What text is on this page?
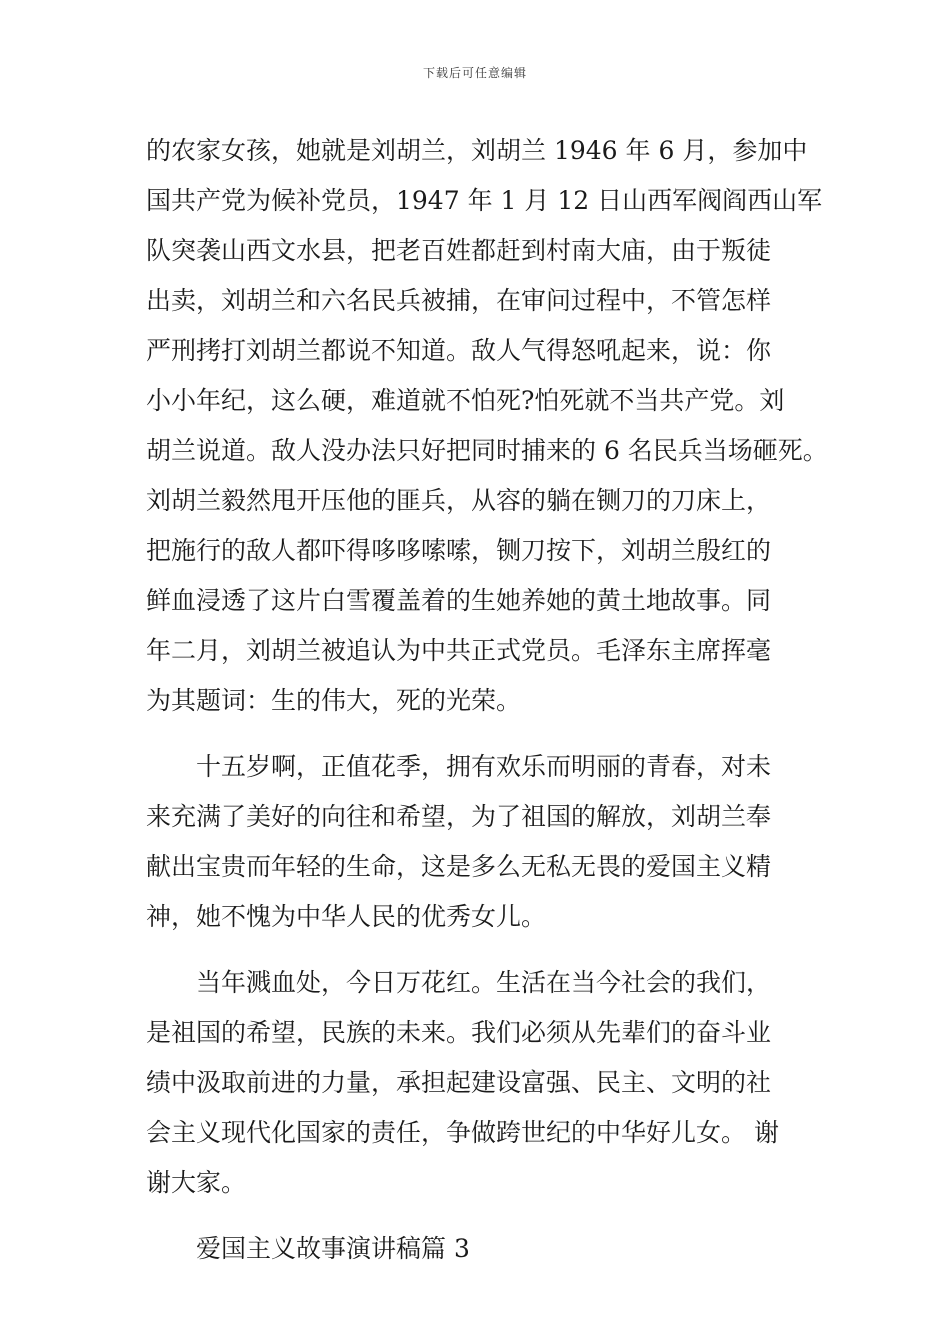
下载后可任意编辑
的农家女孩，她就是刘胡兰，刘胡兰 1946 年 6 月，参加中
国共产党为候补党员，1947 年 1 月 12 日山西军阀阎西山军
队突袭山西文水县，把老百姓都赶到村南大庙，由于叛徒
出卖，刘胡兰和六名民兵被捕，在审问过程中，不管怎样
严刑拷打刘胡兰都说不知道。敌人气得怒吼起来，说：你
小小年纪，这么硬，难道就不怕死?怕死就不当共产党。刘
胡兰说道。敌人没办法只好把同时捕来的 6 名民兵当场砸死。
刘胡兰毅然甩开压他的匪兵，从容的躺在铡刀的刀床上，
把施行的敌人都吓得哆哆嗦嗦，铡刀按下，刘胡兰殷红的
鲜血浸透了这片白雪覆盖着的生她养她的黄土地故事。同
年二月，刘胡兰被追认为中共正式党员。毛泽东主席挥毫
为其题词：生的伟大，死的光荣。
十五岁啊，正值花季，拥有欢乐而明丽的青春，对未
来充满了美好的向往和希望，为了祖国的解放，刘胡兰奉
献出宝贵而年轻的生命，这是多么无私无畏的爱国主义精
神，她不愧为中华人民的优秀女儿。
当年溅血处，今日万花红。生活在当今社会的我们，
是祖国的希望，民族的未来。我们必须从先辈们的奋斗业
绩中汲取前进的力量，承担起建设富强、民主、文明的社
会主义现代化国家的责任，争做跨世纪的中华好儿女。 谢
谢大家。
爱国主义故事演讲稿篇 3
